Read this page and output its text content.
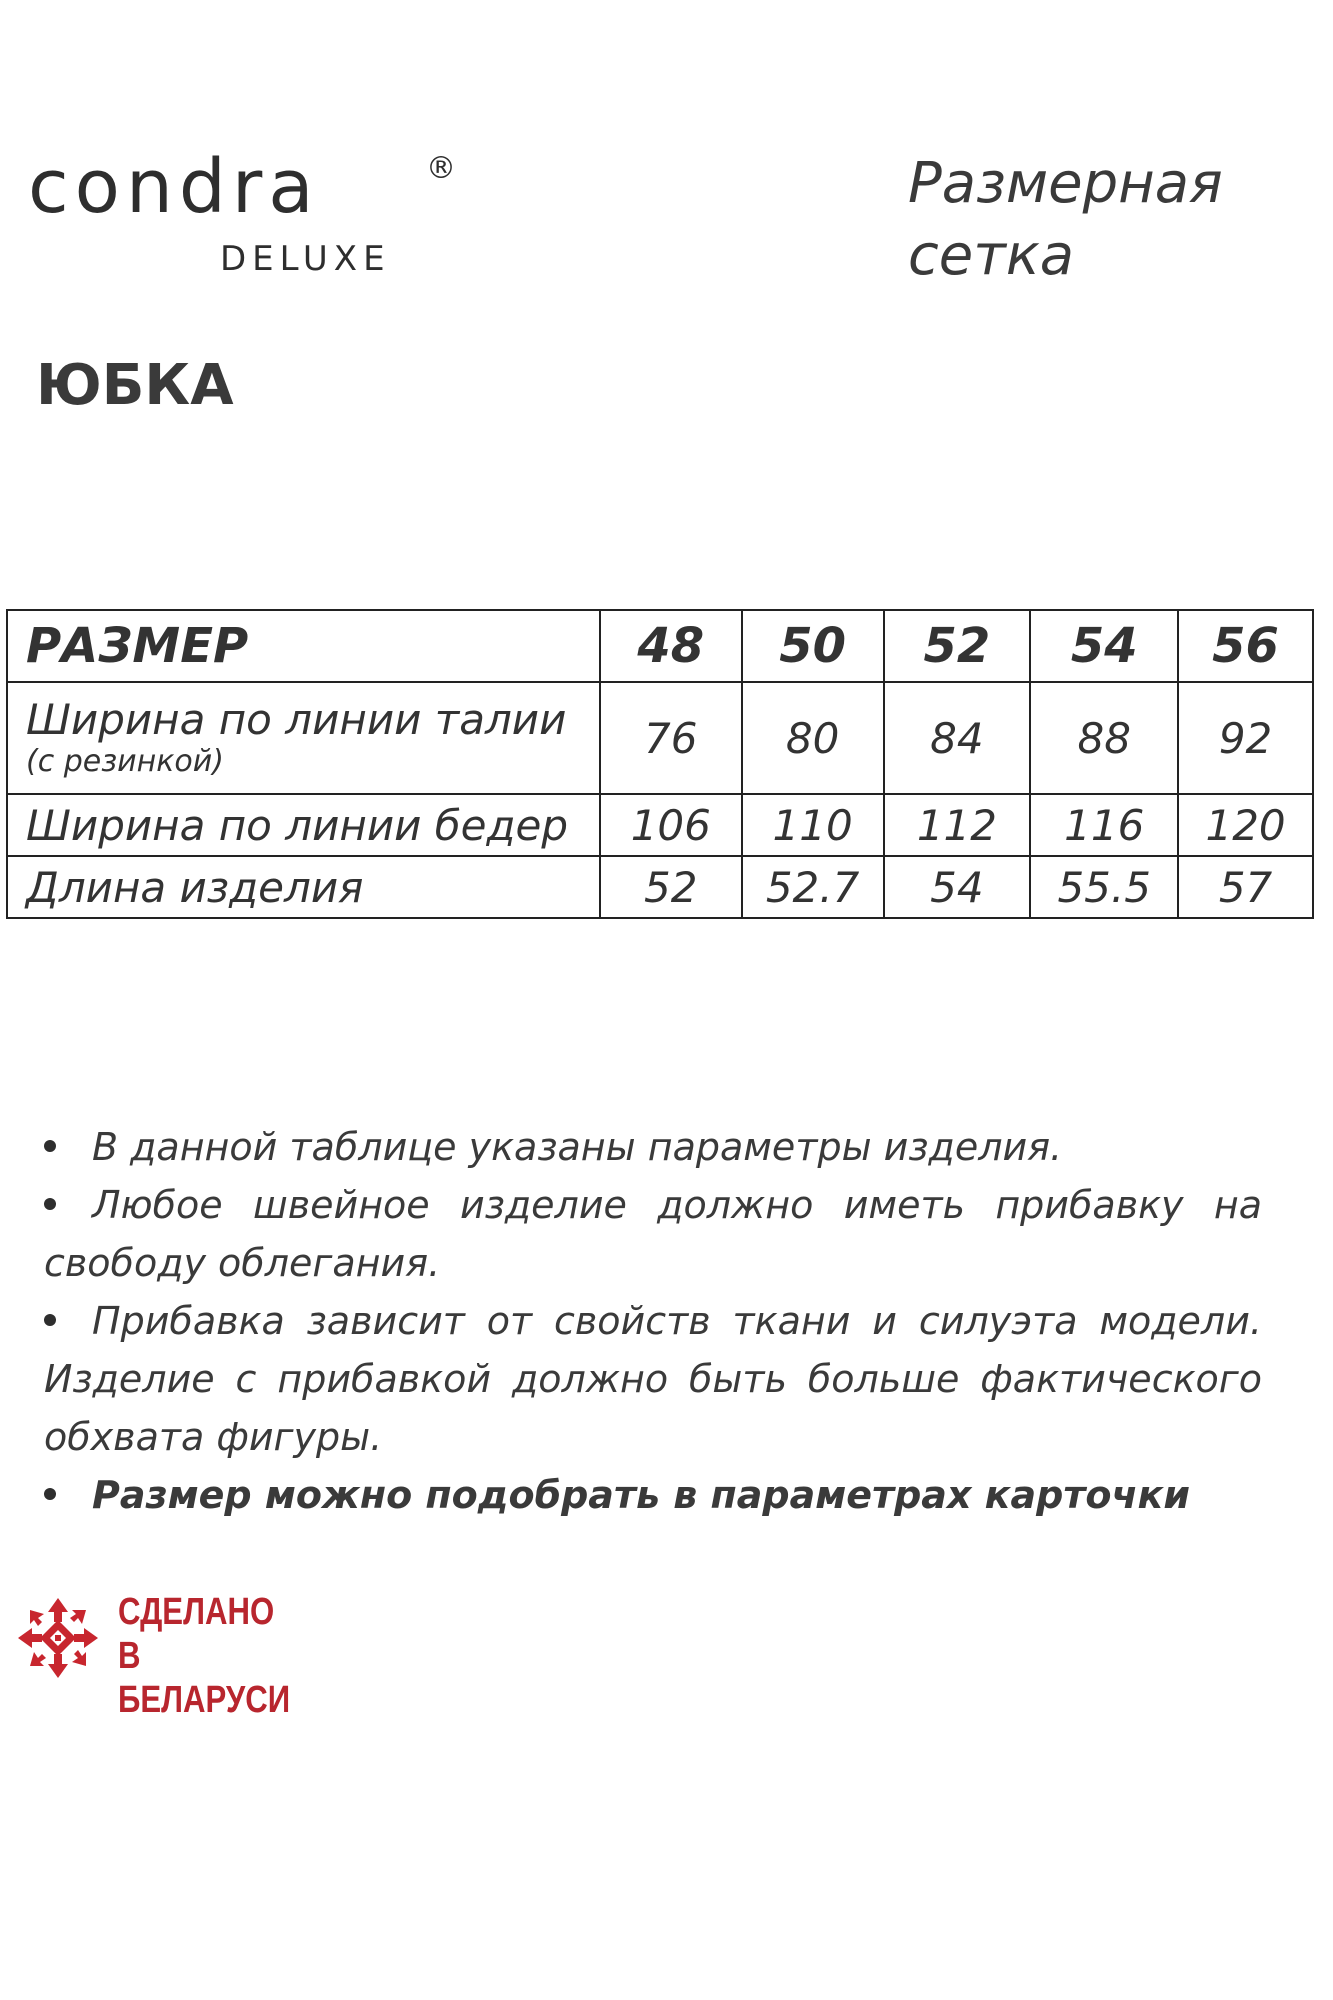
condra	®
DELUXE
Размерная
сетка
ЮБКА
РАЗМЕР	48	50	52	54	56

Ширина по линии талии
(с резинкой)	76	80	84	88	92
Ширина по линии бедер	106	110	112	116	120
Длина изделия	52	52.7	54	55.5	57
В данной таблице указаны параметры изделия.
Любое швейное изделие должно иметь прибавку на свободу облегания.
Прибавка зависит от свойств ткани и силуэта модели. Изделие с прибавкой должно быть больше фактического обхвата фигуры.
Размер можно подобрать в параметрах карточки
СДЕЛАНО
В БЕЛАРУСИ
